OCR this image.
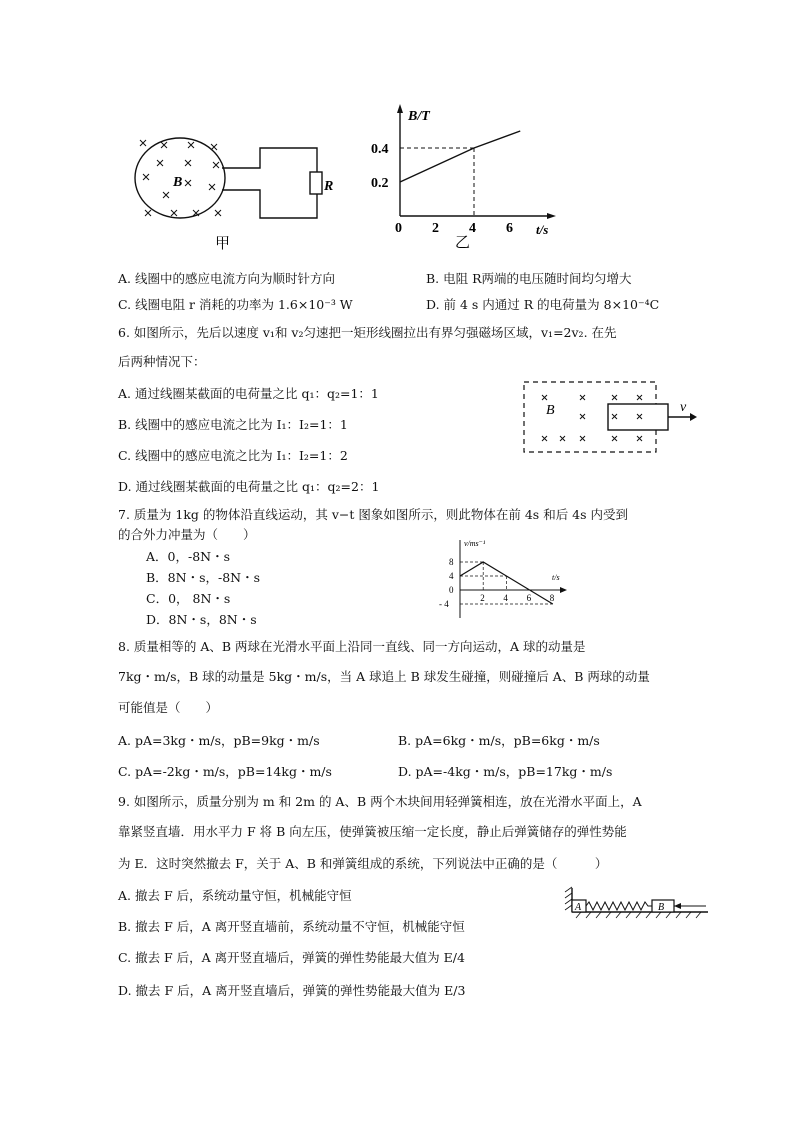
B	R
甲
B/T
t/s
乙
0 2 4 6
0.2
0.4
A. 线圈中的感应电流方向为顺时针方向	B. 电阻 R两端的电压随时间均匀增大
C. 线圈电阻 r 消耗的功率为 1.6×10⁻³ W	D. 前 4 s 内通过 R 的电荷量为 8×10⁻⁴C
6. 如图所示，先后以速度 v₁和 v₂匀速把一矩形线圈拉出有界匀强磁场区域，v₁=2v₂. 在先
后两种情况下：
A. 通过线圈某截面的电荷量之比 q₁：q₂=1：1
B. 线圈中的感应电流之比为 I₁：I₂=1：1
C. 线圈中的感应电流之比为 I₁：I₂=1：2
D. 通过线圈某截面的电荷量之比 q₁：q₂=2：1
B	v
7. 质量为 1kg 的物体沿直线运动，其 v−t 图象如图所示，则此物体在前 4s 和后 4s 内受到
的合外力冲量为（　　）
A．0，-8N・s
B．8N・s，-8N・s
C．0， 8N・s
D．8N・s，8N・s
v/ms⁻¹
t/s
8
4
0
- 4
2 4 6 8
8. 质量相等的 A、B 两球在光滑水平面上沿同一直线、同一方向运动，A 球的动量是
7kg・m/s，B 球的动量是 5kg・m/s，当 A 球追上 B 球发生碰撞，则碰撞后 A、B 两球的动量
可能值是（　　）
A. pA=3kg・m/s，pB=9kg・m/s	B. pA=6kg・m/s，pB=6kg・m/s
C. pA=-2kg・m/s，pB=14kg・m/s	D. pA=-4kg・m/s，pB=17kg・m/s
9. 如图所示，质量分别为 m 和 2m 的 A、B 两个木块间用轻弹簧相连，放在光滑水平面上，A
靠紧竖直墙．用水平力 F 将 B 向左压，使弹簧被压缩一定长度，静止后弹簧储存的弹性势能
为 E．这时突然撤去 F，关于 A、B 和弹簧组成的系统，下列说法中正确的是（　　　）
A. 撤去 F 后，系统动量守恒，机械能守恒
B. 撤去 F 后，A 离开竖直墙前，系统动量不守恒，机械能守恒
C. 撤去 F 后，A 离开竖直墙后，弹簧的弹性势能最大值为 E/4
D. 撤去 F 后，A 离开竖直墙后，弹簧的弹性势能最大值为 E/3
A	B
